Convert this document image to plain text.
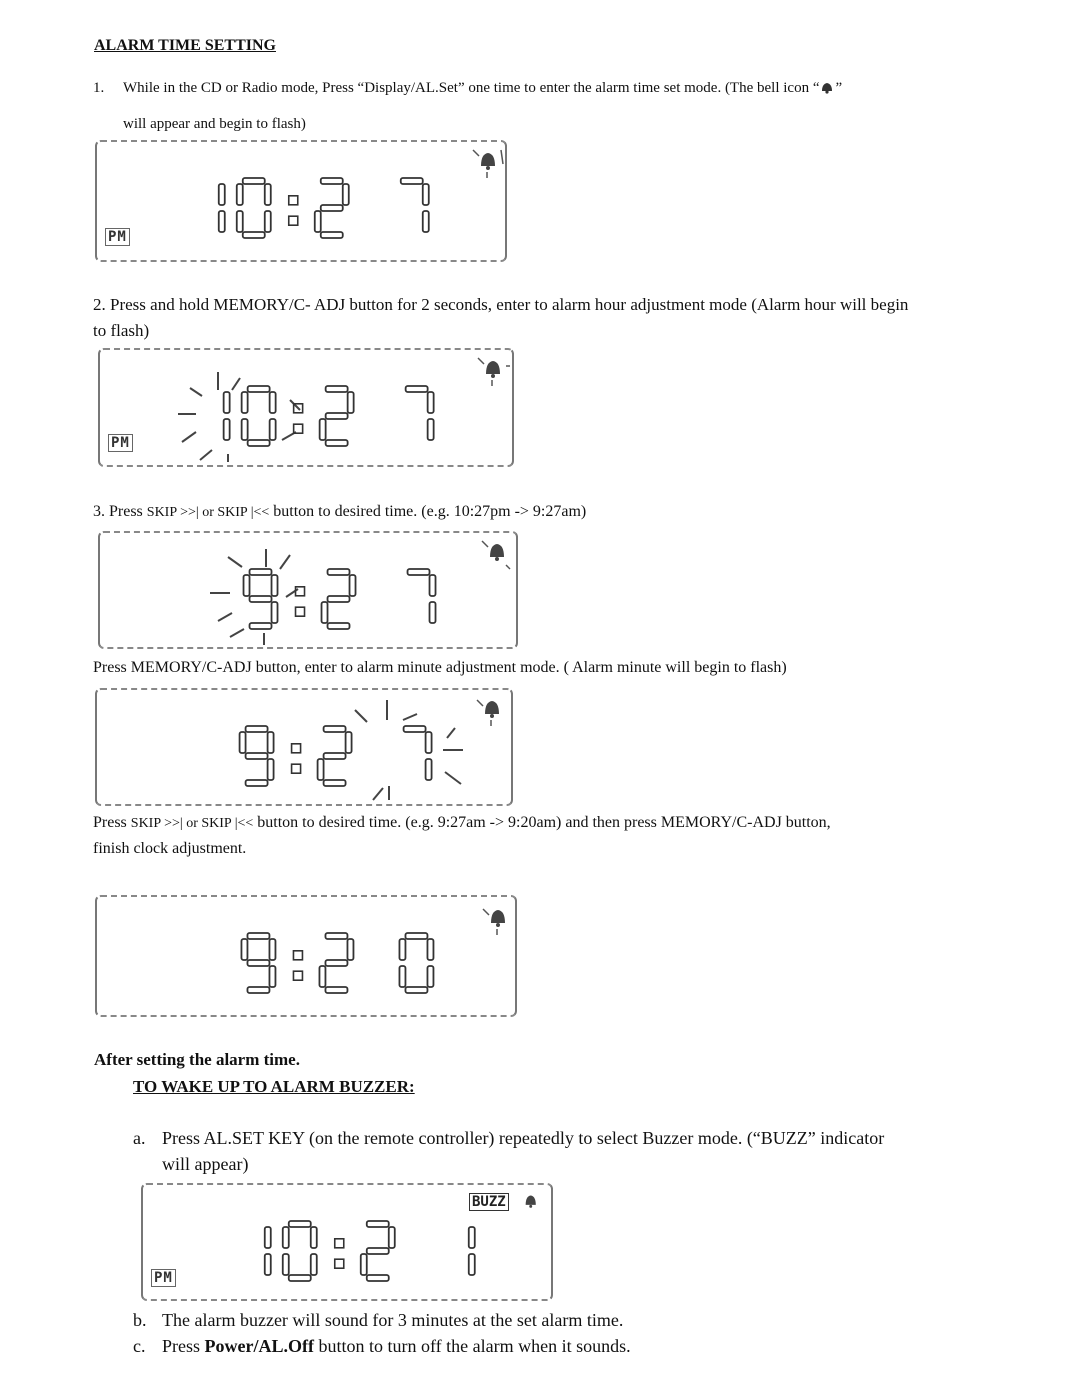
ALARM TIME SETTING
1. While in the CD or Radio mode, Press “Display/AL.Set” one time to enter the alarm time set mode. (The bell icon “ ”
will appear and begin to flash)
PM
2. Press and hold MEMORY/C- ADJ button for 2 seconds, enter to alarm hour adjustment mode (Alarm hour will begin
to flash)
PM
3. Press SKIP >>| or SKIP |<< button to desired time. (e.g. 10:27pm -> 9:27am)
Press MEMORY/C-ADJ button, enter to alarm minute adjustment mode. ( Alarm minute will begin to flash)
Press SKIP >>| or SKIP |<< button to desired time. (e.g. 9:27am -> 9:20am) and then press MEMORY/C-ADJ button,
finish clock adjustment.
After setting the alarm time.
TO WAKE UP TO ALARM BUZZER:
a. Press AL.SET KEY (on the remote controller) repeatedly to select Buzzer mode. (“BUZZ” indicator
will appear)
BUZZ
PM
b. The alarm buzzer will sound for 3 minutes at the set alarm time.
c. Press Power/AL.Off button to turn off the alarm when it sounds.
